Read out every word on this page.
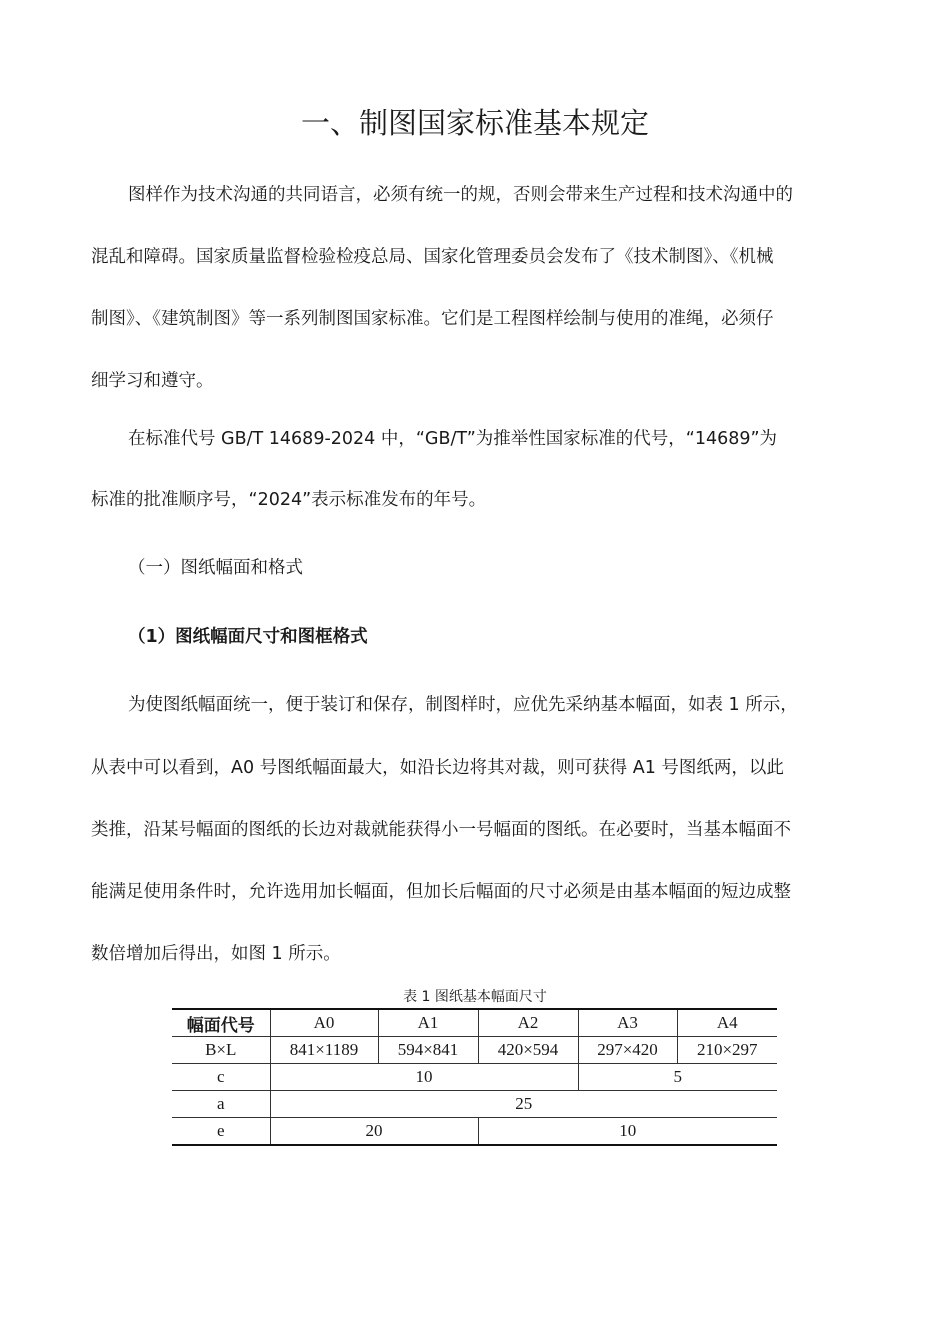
一、制图国家标准基本规定
图样作为技术沟通的共同语言，必须有统一的规，否则会带来生产过程和技术沟通中的
混乱和障碍。国家质量监督检验检疫总局、国家化管理委员会发布了《技术制图》、《机械
制图》、《建筑制图》等一系列制图国家标准。它们是工程图样绘制与使用的准绳，必须仔
细学习和遵守。
在标准代号 GB/T 14689-2024 中，“GB/T”为推举性国家标准的代号，“14689”为
标准的批准顺序号，“2024”表示标准发布的年号。
（一）图纸幅面和格式
（1）图纸幅面尺寸和图框格式
为使图纸幅面统一，便于装订和保存，制图样时，应优先采纳基本幅面，如表 1 所示，
从表中可以看到，A0 号图纸幅面最大，如沿长边将其对裁，则可获得 A1 号图纸两，以此
类推，沿某号幅面的图纸的长边对裁就能获得小一号幅面的图纸。在必要时，当基本幅面不
能满足使用条件时，允许选用加长幅面，但加长后幅面的尺寸必须是由基本幅面的短边成整
数倍增加后得出，如图 1 所示。
表 1 图纸基本幅面尺寸
幅面代号	A0	A1	A2	A3	A4
B×L	841×1189	594×841	420×594	297×420	210×297
c	10			5	
a	25				
e	20		10		
